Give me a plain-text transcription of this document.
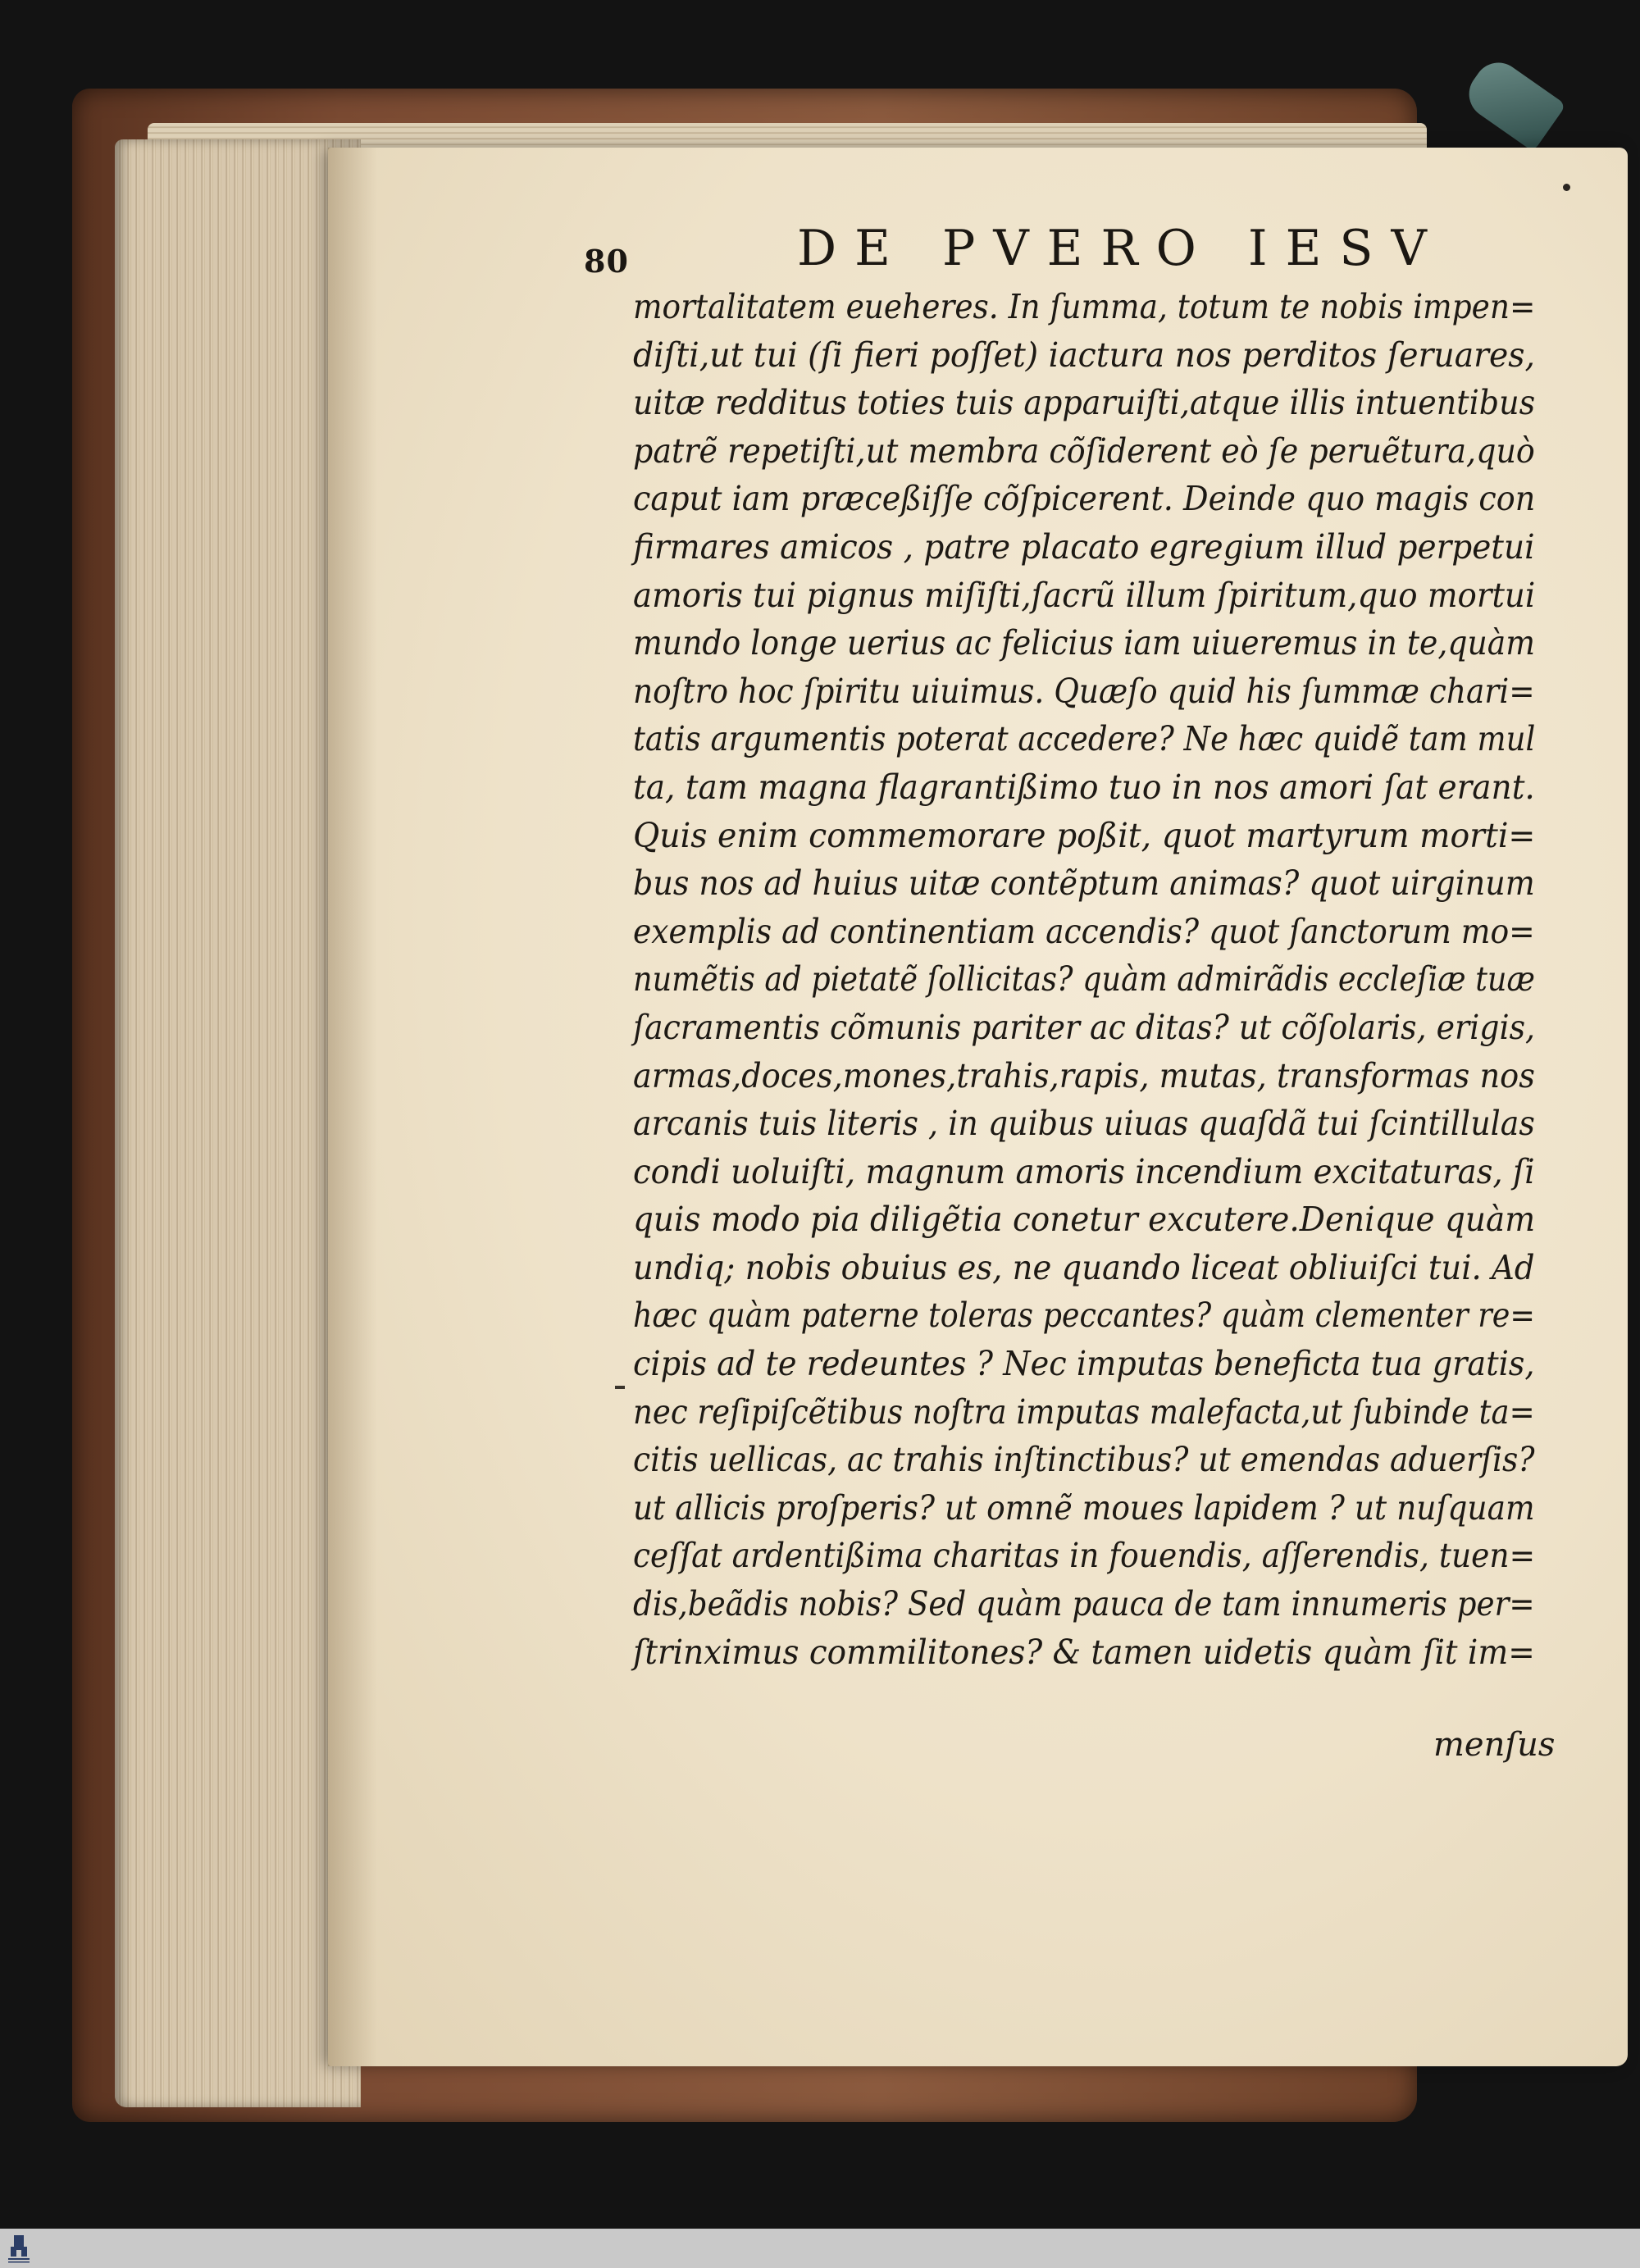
80	DE PVERO IESV
mortalitatem eueheres. In ſumma, totum te nobis impen=
diſti,ut tui (ſi fieri poſſet) iactura nos perditos ſeruares,
uitæ redditus toties tuis apparuiſti,atque illis intuentibus
patrẽ repetiſti,ut membra cõſiderent eò ſe peruẽtura,quò
caput iam præceßiſſe cõſpicerent. Deinde quo magis con
firmares amicos , patre placato egregium illud perpetui
amoris tui pignus miſiſti,ſacrũ illum ſpiritum,quo mortui
mundo longe uerius ac felicius iam uiueremus in te,quàm
noſtro hoc ſpiritu uiuimus. Quæſo quid his ſummæ chari=
tatis argumentis poterat accedere? Ne hæc quidẽ tam mul
ta, tam magna flagrantißimo tuo in nos amori ſat erant.
Quis enim commemorare poßit, quot martyrum morti=
bus nos ad huius uitæ contẽptum animas? quot uirginum
exemplis ad continentiam accendis? quot ſanctorum mo=
numẽtis ad pietatẽ ſollicitas? quàm admirãdis eccleſiæ tuæ
ſacramentis cõmunis pariter ac ditas? ut cõſolaris, erigis,
armas,doces,mones,trahis,rapis, mutas, transformas nos
arcanis tuis literis , in quibus uiuas quaſdã tui ſcintillulas
condi uoluiſti, magnum amoris incendium excitaturas, ſi
quis modo pia diligẽtia conetur excutere.Denique quàm
undiq; nobis obuius es, ne quando liceat obliuiſci tui. Ad
hæc quàm paterne toleras peccantes? quàm clementer re=
cipis ad te redeuntes ? Nec imputas beneficta tua gratis,
nec reſipiſcẽtibus noſtra imputas malefacta,ut ſubinde ta=
citis uellicas, ac trahis inſtinctibus? ut emendas aduerſis?
ut allicis proſperis? ut omnẽ moues lapidem ? ut nuſquam
ceſſat ardentißima charitas in fouendis, aſſerendis, tuen=
dis,beãdis nobis? Sed quàm pauca de tam innumeris per=
ſtrinximus commilitones? & tamen uidetis quàm ſit im=
menſus
